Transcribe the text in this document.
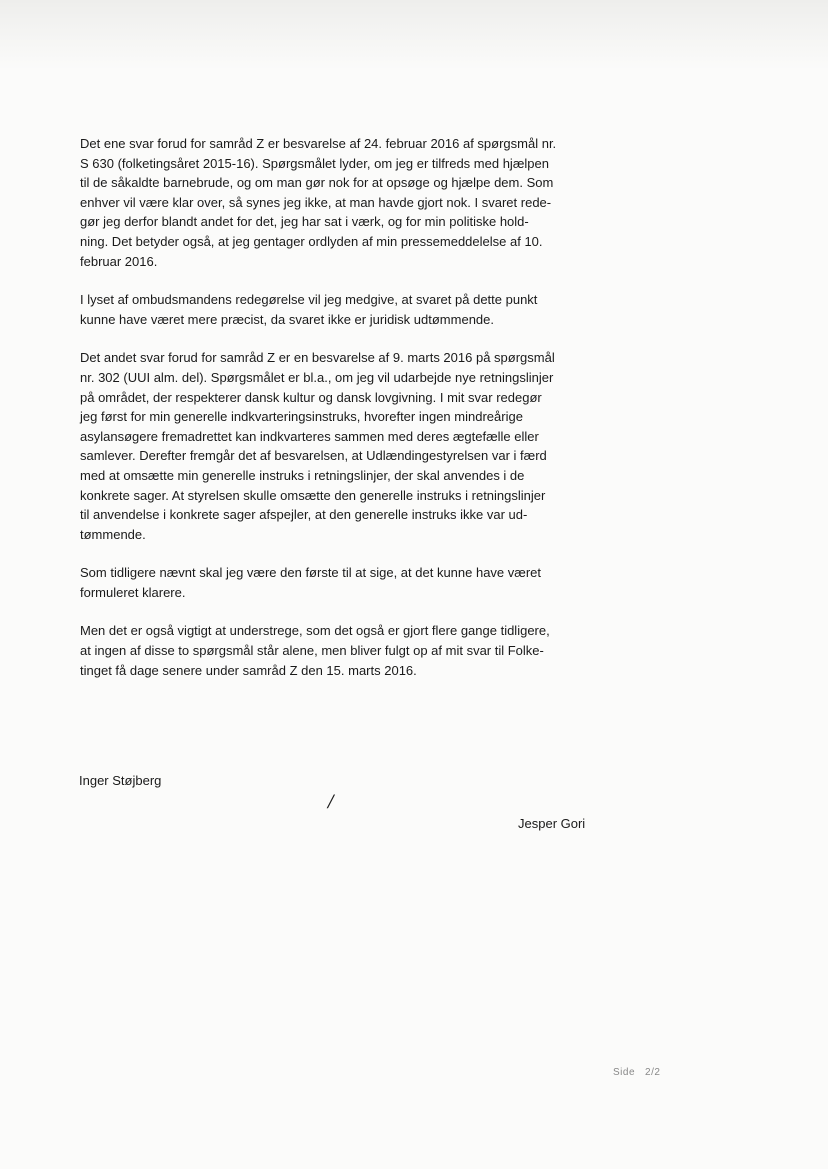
Det ene svar forud for samråd Z er besvarelse af 24. februar 2016 af spørgsmål nr.
S 630 (folketingsåret 2015-16). Spørgsmålet lyder, om jeg er tilfreds med hjælpen
til de såkaldte barnebrude, og om man gør nok for at opsøge og hjælpe dem. Som
enhver vil være klar over, så synes jeg ikke, at man havde gjort nok. I svaret rede-
gør jeg derfor blandt andet for det, jeg har sat i værk, og for min politiske hold-
ning. Det betyder også, at jeg gentager ordlyden af min pressemeddelelse af 10.
februar 2016.

I lyset af ombudsmandens redegørelse vil jeg medgive, at svaret på dette punkt
kunne have været mere præcist, da svaret ikke er juridisk udtømmende.

Det andet svar forud for samråd Z er en besvarelse af 9. marts 2016 på spørgsmål
nr. 302 (UUI alm. del). Spørgsmålet er bl.a., om jeg vil udarbejde nye retningslinjer
på området, der respekterer dansk kultur og dansk lovgivning. I mit svar redegør
jeg først for min generelle indkvarteringsinstruks, hvorefter ingen mindreårige
asylansøgere fremadrettet kan indkvarteres sammen med deres ægtefælle eller
samlever. Derefter fremgår det af besvarelsen, at Udlændingestyrelsen var i færd
med at omsætte min generelle instruks i retningslinjer, der skal anvendes i de
konkrete sager. At styrelsen skulle omsætte den generelle instruks i retningslinjer
til anvendelse i konkrete sager afspejler, at den generelle instruks ikke var ud-
tømmende.

Som tidligere nævnt skal jeg være den første til at sige, at det kunne have været
formuleret klarere.

Men det er også vigtigt at understrege, som det også er gjort flere gange tidligere,
at ingen af disse to spørgsmål står alene, men bliver fulgt op af mit svar til Folke-
tinget få dage senere under samråd Z den 15. marts 2016.

Inger Støjberg

/

Jesper Gori

Side 2/2
